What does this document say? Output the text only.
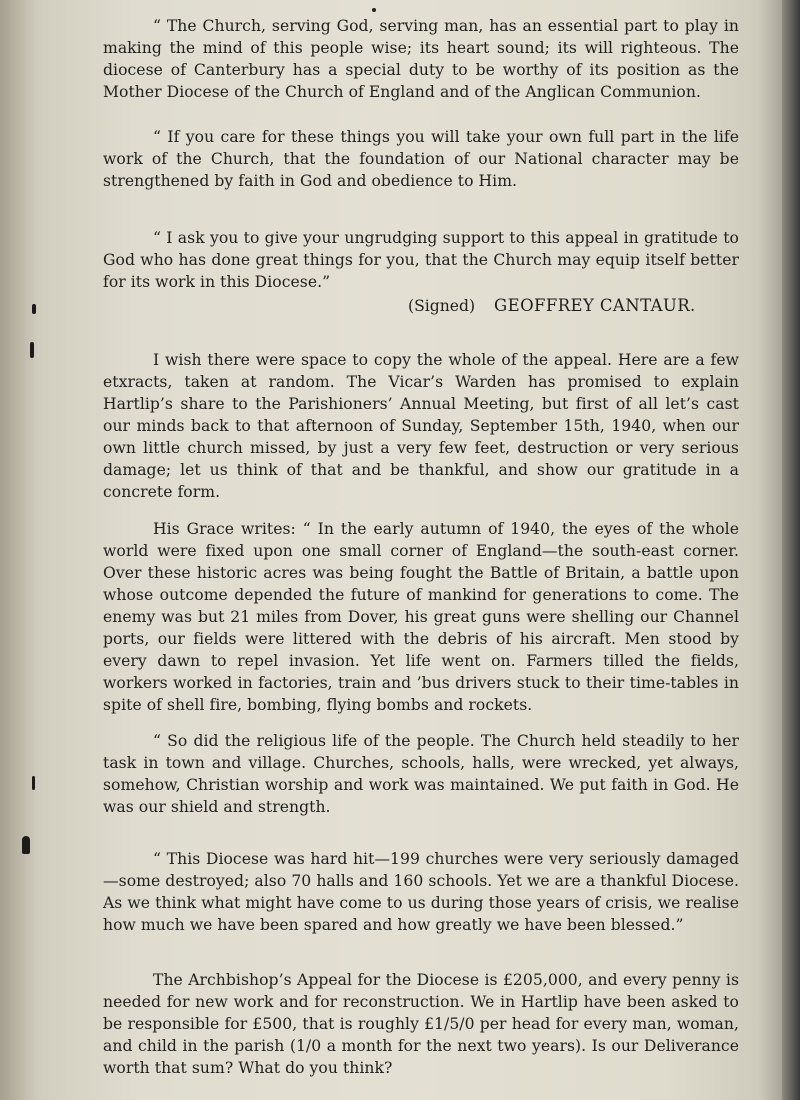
“ The Church, serving God, serving man, has an essential part to play in making the mind of this people wise; its heart sound; its will righteous. The diocese of Canterbury has a special duty to be worthy of its position as the Mother Diocese of the Church of England and of the Anglican Communion.

“ If you care for these things you will take your own full part in the life work of the Church, that the foundation of our National character may be strengthened by faith in God and obedience to Him.

“ I ask you to give your ungrudging support to this appeal in gratitude to God who has done great things for you, that the Church may equip itself better for its work in this Diocese.”

(Signed) GEOFFREY CANTAUR.

I wish there were space to copy the whole of the appeal. Here are a few etxracts, taken at random. The Vicar’s Warden has promised to explain Hartlip’s share to the Parishioners’ Annual Meeting, but first of all let’s cast our minds back to that afternoon of Sunday, September 15th, 1940, when our own little church missed, by just a very few feet, destruction or very serious damage; let us think of that and be thankful, and show our gratitude in a concrete form.

His Grace writes: “ In the early autumn of 1940, the eyes of the whole world were fixed upon one small corner of England—the south-east corner. Over these historic acres was being fought the Battle of Britain, a battle upon whose outcome depended the future of mankind for generations to come. The enemy was but 21 miles from Dover, his great guns were shelling our Channel ports, our fields were littered with the debris of his aircraft. Men stood by every dawn to repel invasion. Yet life went on. Farmers tilled the fields, workers worked in factories, train and ’bus drivers stuck to their time-tables in spite of shell fire, bombing, flying bombs and rockets.

“ So did the religious life of the people. The Church held steadily to her task in town and village. Churches, schools, halls, were wrecked, yet always, somehow, Christian worship and work was maintained. We put faith in God. He was our shield and strength.

“ This Diocese was hard hit—199 churches were very seriously damaged—some destroyed; also 70 halls and 160 schools. Yet we are a thankful Diocese. As we think what might have come to us during those years of crisis, we realise how much we have been spared and how greatly we have been blessed.”

The Archbishop’s Appeal for the Diocese is £205,000, and every penny is needed for new work and for reconstruction. We in Hartlip have been asked to be responsible for £500, that is roughly £1/5/0 per head for every man, woman, and child in the parish (1/0 a month for the next two years). Is our Deliverance worth that sum? What do you think?
